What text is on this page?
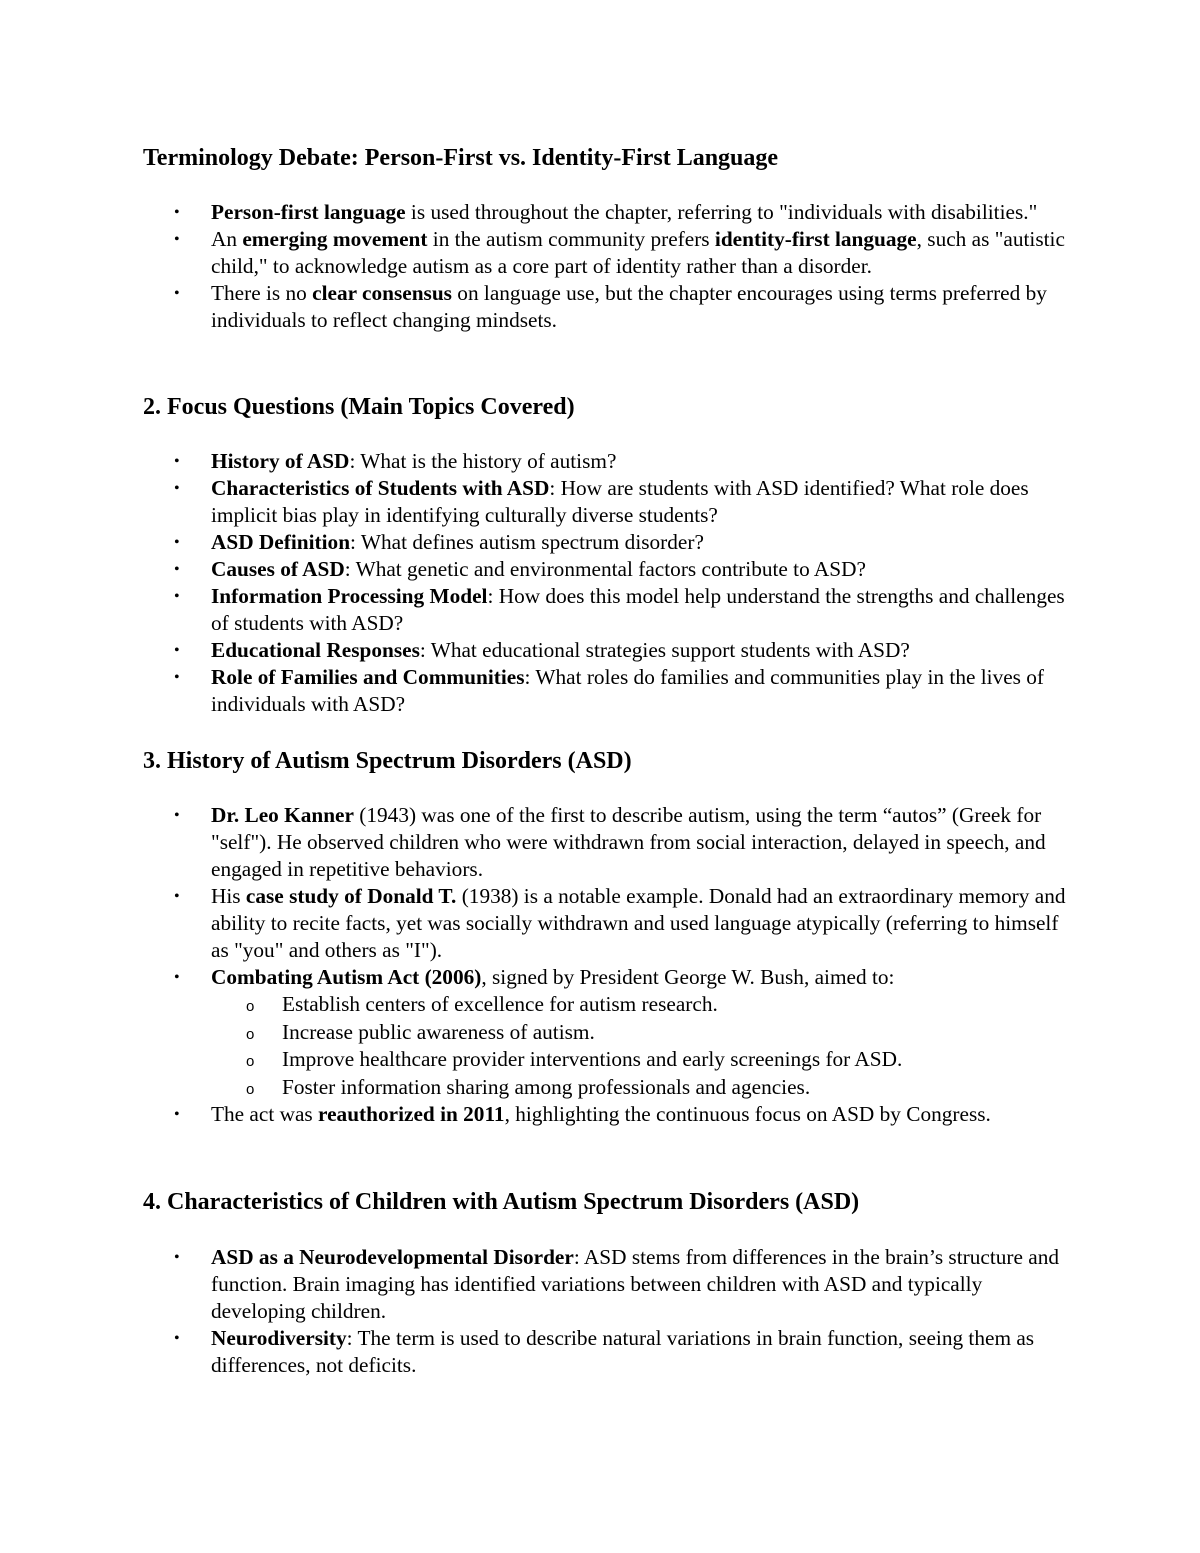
Terminology Debate: Person-First vs. Identity-First Language
• Person-first language is used throughout the chapter, referring to "individuals with disabilities."
• An emerging movement in the autism community prefers identity-first language, such as "autistic child," to acknowledge autism as a core part of identity rather than a disorder.
• There is no clear consensus on language use, but the chapter encourages using terms preferred by individuals to reflect changing mindsets.
2. Focus Questions (Main Topics Covered)
• History of ASD: What is the history of autism?
• Characteristics of Students with ASD: How are students with ASD identified? What role does implicit bias play in identifying culturally diverse students?
• ASD Definition: What defines autism spectrum disorder?
• Causes of ASD: What genetic and environmental factors contribute to ASD?
• Information Processing Model: How does this model help understand the strengths and challenges of students with ASD?
• Educational Responses: What educational strategies support students with ASD?
• Role of Families and Communities: What roles do families and communities play in the lives of individuals with ASD?
3. History of Autism Spectrum Disorders (ASD)
• Dr. Leo Kanner (1943) was one of the first to describe autism, using the term “autos” (Greek for "self"). He observed children who were withdrawn from social interaction, delayed in speech, and engaged in repetitive behaviors.
• His case study of Donald T. (1938) is a notable example. Donald had an extraordinary memory and ability to recite facts, yet was socially withdrawn and used language atypically (referring to himself as "you" and others as "I").
• Combating Autism Act (2006), signed by President George W. Bush, aimed to:
o	Establish centers of excellence for autism research.
o	Increase public awareness of autism.
o	Improve healthcare provider interventions and early screenings for ASD.
o	Foster information sharing among professionals and agencies.
• The act was reauthorized in 2011, highlighting the continuous focus on ASD by Congress.
4. Characteristics of Children with Autism Spectrum Disorders (ASD)
• ASD as a Neurodevelopmental Disorder: ASD stems from differences in the brain’s structure and function. Brain imaging has identified variations between children with ASD and typically developing children.
• Neurodiversity: The term is used to describe natural variations in brain function, seeing them as differences, not deficits.
